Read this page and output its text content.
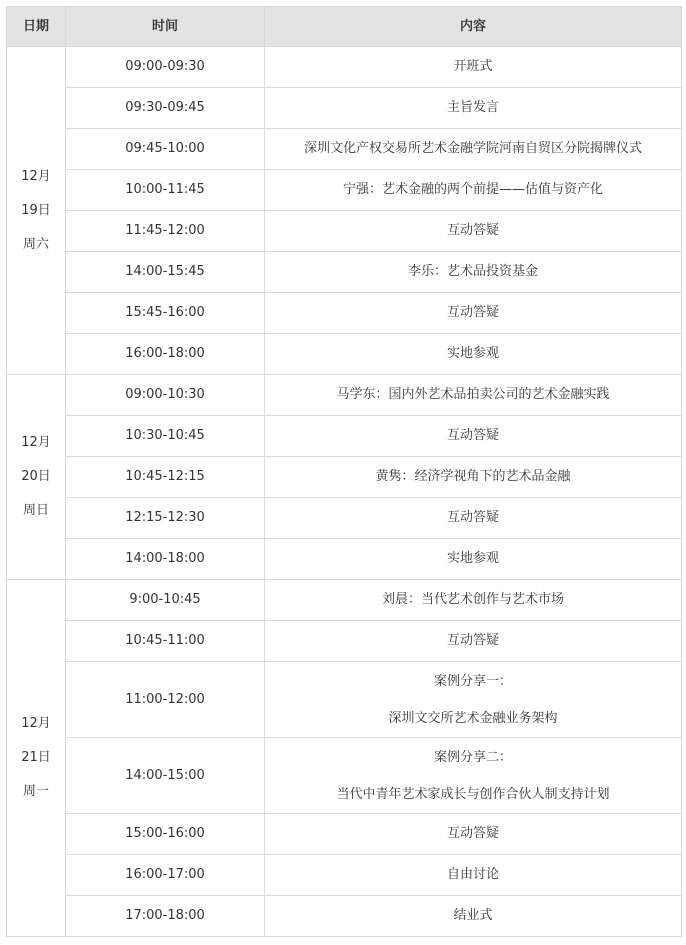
日期	时间	内容

12月
19日
周六	09:00-09:30	开班式

	09:30-09:45	主旨发言

	09:45-10:00	深圳文化产权交易所艺术金融学院河南自贸区分院揭牌仪式

	10:00-11:45	宁强：艺术金融的两个前提——估值与资产化

	11:45-12:00	互动答疑

	14:00-15:45	李乐：艺术品投资基金

	15:45-16:00	互动答疑

	16:00-18:00	实地参观

12月
20日
周日	09:00-10:30	马学东：国内外艺术品拍卖公司的艺术金融实践

	10:30-10:45	互动答疑

	10:45-12:15	黄隽：经济学视角下的艺术品金融

	12:15-12:30	互动答疑

	14:00-18:00	实地参观

12月
21日
周一	9:00-10:45	刘晨：当代艺术创作与艺术市场

	10:45-11:00	互动答疑

	11:00-12:00	案例分享一：
深圳文交所艺术金融业务架构

	14:00-15:00	案例分享二：
当代中青年艺术家成长与创作合伙人制支持计划

	15:00-16:00	互动答疑

	16:00-17:00	自由讨论

	17:00-18:00	结业式
